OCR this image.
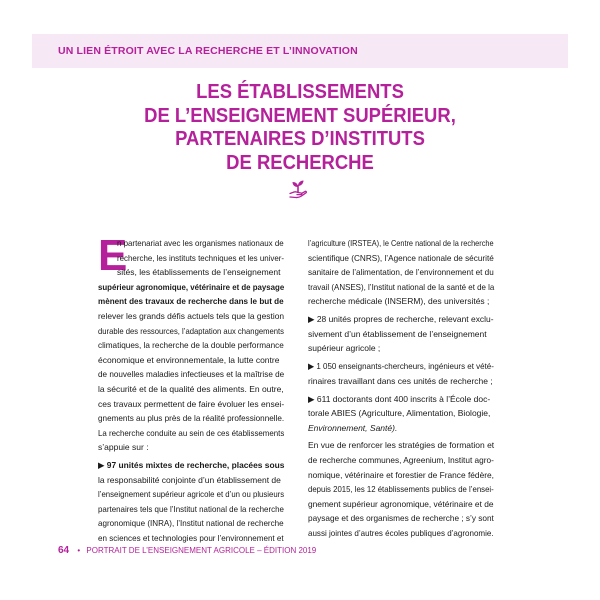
UN LIEN ÉTROIT AVEC LA RECHERCHE ET L’INNOVATION
LES ÉTABLISSEMENTS
DE L’ENSEIGNEMENT SUPÉRIEUR,
PARTENAIRES D’INSTITUTS
DE RECHERCHE
E
n partenariat avec les organismes nationaux de
recherche, les instituts techniques et les univer-
sités, les établissements de l’enseignement
supérieur agronomique, vétérinaire et de paysage
mènent des travaux de recherche dans le but de
relever les grands défis actuels tels que la gestion
durable des ressources, l’adaptation aux changements
climatiques, la recherche de la double performance
économique et environnementale, la lutte contre
de nouvelles maladies infectieuses et la maîtrise de
la sécurité et de la qualité des aliments. En outre,
ces travaux permettent de faire évoluer les ensei-
gnements au plus près de la réalité professionnelle.
La recherche conduite au sein de ces établissements
s’appuie sur :
▶ 97 unités mixtes de recherche, placées sous
la responsabilité conjointe d’un établissement de
l’enseignement supérieur agricole et d’un ou plusieurs
partenaires tels que l’Institut national de la recherche
agronomique (INRA), l’Institut national de recherche
en sciences et technologies pour l’environnement et
l’agriculture (IRSTEA), le Centre national de la recherche
scientifique (CNRS), l’Agence nationale de sécurité
sanitaire de l’alimentation, de l’environnement et du
travail (ANSES), l’Institut national de la santé et de la
recherche médicale (INSERM), des universités ;
▶ 28 unités propres de recherche, relevant exclu-
sivement d’un établissement de l’enseignement
supérieur agricole ;
▶ 1 050 enseignants-chercheurs, ingénieurs et vété-
rinaires travaillant dans ces unités de recherche ;
▶ 611 doctorants dont 400 inscrits à l’École doc-
torale ABIES (Agriculture, Alimentation, Biologie,
Environnement, Santé).
En vue de renforcer les stratégies de formation et
de recherche communes, Agreenium, Institut agro-
nomique, vétérinaire et forestier de France fédère,
depuis 2015, les 12 établissements publics de l’ensei-
gnement supérieur agronomique, vétérinaire et de
paysage et des organismes de recherche ; s’y sont
aussi jointes d’autres écoles publiques d’agronomie.
64 • PORTRAIT DE L’ENSEIGNEMENT AGRICOLE – ÉDITION 2019
